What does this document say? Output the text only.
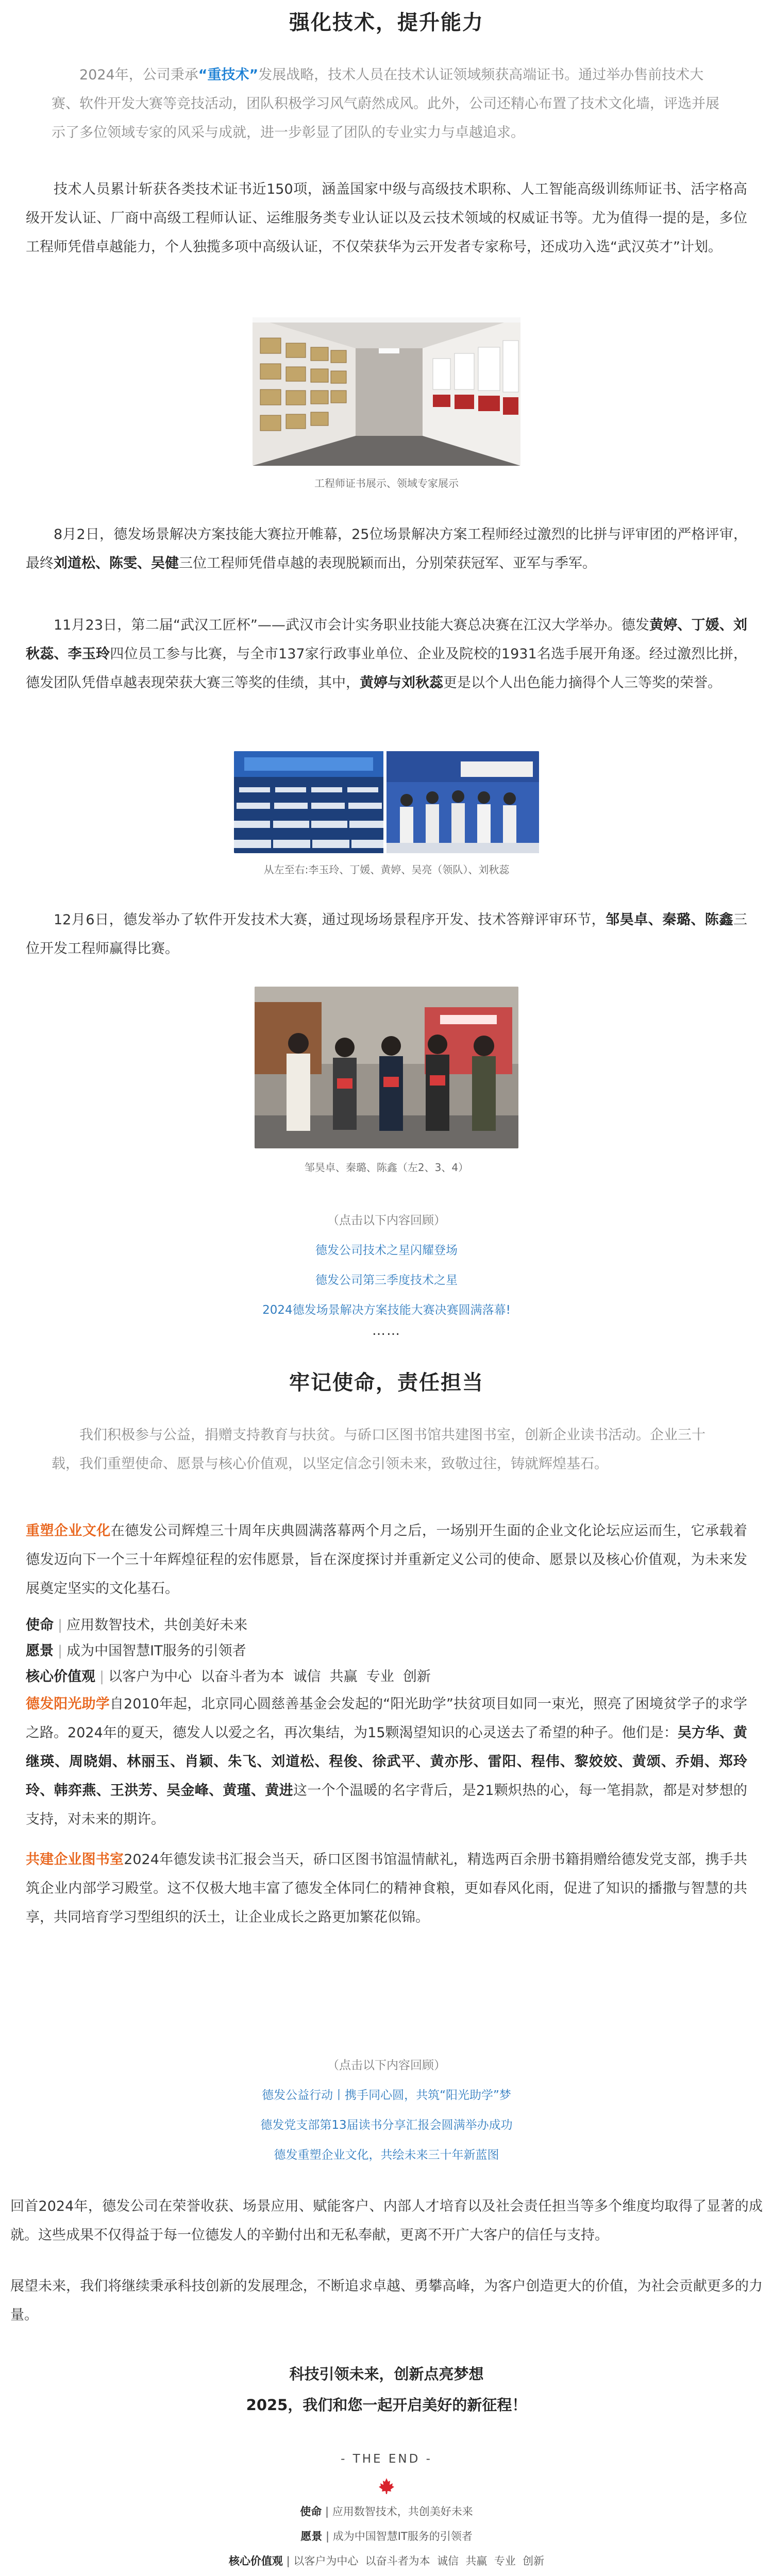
强化技术，提升能力
2024年，公司秉承“重技术”发展战略，技术人员在技术认证领域频获高端证书。通过举办售前技术大赛、软件开发大赛等竞技活动，团队积极学习风气蔚然成风。此外，公司还精心布置了技术文化墙，评选并展示了多位领域专家的风采与成就，进一步彰显了团队的专业实力与卓越追求。
技术人员累计斩获各类技术证书近150项，涵盖国家中级与高级技术职称、人工智能高级训练师证书、活字格高级开发认证、厂商中高级工程师认证、运维服务类专业认证以及云技术领域的权威证书等。尤为值得一提的是，多位工程师凭借卓越能力，个人独揽多项中高级认证，不仅荣获华为云开发者专家称号，还成功入选“武汉英才”计划。
工程师证书展示、领域专家展示
8月2日，德发场景解决方案技能大赛拉开帷幕，25位场景解决方案工程师经过激烈的比拼与评审团的严格评审，最终刘道松、陈雯、吴健三位工程师凭借卓越的表现脱颖而出，分别荣获冠军、亚军与季军。
11月23日，第二届“武汉工匠杯”——武汉市会计实务职业技能大赛总决赛在江汉大学举办。德发黄婷、丁媛、刘秋蕊、李玉玲四位员工参与比赛，与全市137家行政事业单位、企业及院校的1931名选手展开角逐。经过激烈比拼，德发团队凭借卓越表现荣获大赛三等奖的佳绩，其中，黄婷与刘秋蕊更是以个人出色能力摘得个人三等奖的荣誉。
从左至右:李玉玲、丁媛、黄婷、吴亮（领队）、刘秋蕊
12月6日，德发举办了软件开发技术大赛，通过现场场景程序开发、技术答辩评审环节，邹昊卓、秦璐、陈鑫三位开发工程师赢得比赛。
邹昊卓、秦璐、陈鑫（左2、3、4）
（点击以下内容回顾）
德发公司技术之星闪耀登场
德发公司第三季度技术之星
2024德发场景解决方案技能大赛决赛圆满落幕!
……
牢记使命，责任担当
我们积极参与公益，捐赠支持教育与扶贫。与硚口区图书馆共建图书室，创新企业读书活动。企业三十载，我们重塑使命、愿景与核心价值观，以坚定信念引领未来，致敬过往，铸就辉煌基石。
重塑企业文化在德发公司辉煌三十周年庆典圆满落幕两个月之后，一场别开生面的企业文化论坛应运而生，它承载着德发迈向下一个三十年辉煌征程的宏伟愿景，旨在深度探讨并重新定义公司的使命、愿景以及核心价值观，为未来发展奠定坚实的文化基石。
使命 | 应用数智技术，共创美好未来
愿景 | 成为中国智慧IT服务的引领者
核心价值观 | 以客户为中心  以奋斗者为本  诚信  共赢  专业  创新
德发阳光助学自2010年起，北京同心圆慈善基金会发起的“阳光助学”扶贫项目如同一束光，照亮了困境贫学子的求学之路。2024年的夏天，德发人以爱之名，再次集结，为15颗渴望知识的心灵送去了希望的种子。他们是：吴方华、黄继瑛、周晓娟、林丽玉、肖颖、朱飞、刘道松、程俊、徐武平、黄亦彤、雷阳、程伟、黎姣姣、黄颂、乔娟、郑玲玲、韩弈燕、王洪芳、吴金峰、黄瑾、黄进这一个个温暖的名字背后，是21颗炽热的心，每一笔捐款，都是对梦想的支持，对未来的期许。
共建企业图书室2024年德发读书汇报会当天，硚口区图书馆温情献礼，精选两百余册书籍捐赠给德发党支部，携手共筑企业内部学习殿堂。这不仅极大地丰富了德发全体同仁的精神食粮，更如春风化雨，促进了知识的播撒与智慧的共享，共同培育学习型组织的沃土，让企业成长之路更加繁花似锦。
（点击以下内容回顾）
德发公益行动丨携手同心圆，共筑“阳光助学”梦
德发党支部第13届读书分享汇报会圆满举办成功
德发重塑企业文化，共绘未来三十年新蓝图
回首2024年，德发公司在荣誉收获、场景应用、赋能客户、内部人才培育以及社会责任担当等多个维度均取得了显著的成就。这些成果不仅得益于每一位德发人的辛勤付出和无私奉献，更离不开广大客户的信任与支持。
展望未来，我们将继续秉承科技创新的发展理念，不断追求卓越、勇攀高峰，为客户创造更大的价值，为社会贡献更多的力量。
科技引领未来，创新点亮梦想
2025，我们和您一起开启美好的新征程！
- THE END -
使命 | 应用数智技术，共创美好未来
愿景 | 成为中国智慧IT服务的引领者
核心价值观 | 以客户为中心  以奋斗者为本  诚信  共赢  专业  创新
